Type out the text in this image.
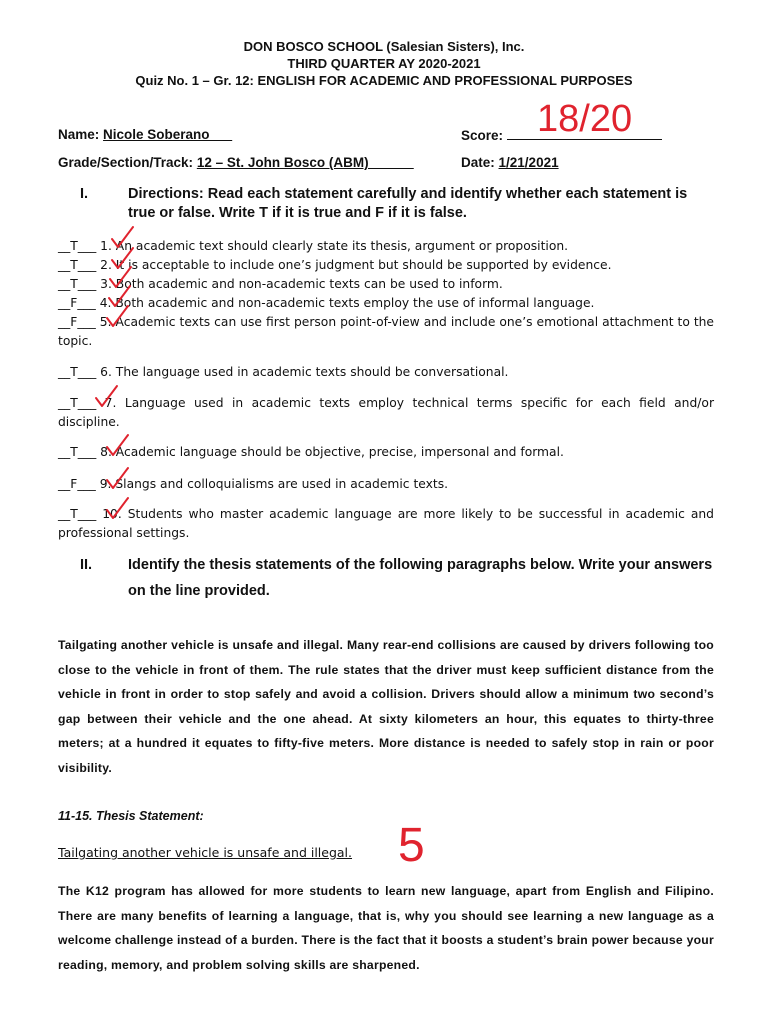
DON BOSCO SCHOOL (Salesian Sisters), Inc.
THIRD QUARTER AY 2020-2021
Quiz No. 1 – Gr. 12: ENGLISH FOR ACADEMIC AND PROFESSIONAL PURPOSES
Name: Nicole Soberano___	Score: 18/20
Grade/Section/Track: 12 – St. John Bosco (ABM)______	Date: 1/21/2021
I.	Directions: Read each statement carefully and identify whether each statement is true or false. Write T if it is true and F if it is false.
__T___ 1. An academic text should clearly state its thesis, argument or proposition.
__T___ 2. It is acceptable to include one’s judgment but should be supported by evidence.
__T___ 3. Both academic and non-academic texts can be used to inform.
__F___ 4. Both academic and non-academic texts employ the use of informal language.
__F___ 5. Academic texts can use first person point-of-view and include one’s emotional attachment to the topic.
__T___ 6. The language used in academic texts should be conversational.
__T___ 7. Language used in academic texts employ technical terms specific for each field and/or discipline.
__T___ 8. Academic language should be objective, precise, impersonal and formal.
__F___ 9. Slangs and colloquialisms are used in academic texts.
__T___ 10. Students who master academic language are more likely to be successful in academic and professional settings.
II. Identify the thesis statements of the following paragraphs below. Write your answers on the line provided.
Tailgating another vehicle is unsafe and illegal. Many rear-end collisions are caused by drivers following too close to the vehicle in front of them. The rule states that the driver must keep sufficient distance from the vehicle in front in order to stop safely and avoid a collision. Drivers should allow a minimum two second’s gap between their vehicle and the one ahead. At sixty kilometers an hour, this equates to thirty-three meters; at a hundred it equates to fifty-five meters. More distance is needed to safely stop in rain or poor visibility.
11-15. Thesis Statement:
Tailgating another vehicle is unsafe and illegal. 5
The K12 program has allowed for more students to learn new language, apart from English and Filipino. There are many benefits of learning a language, that is, why you should see learning a new language as a welcome challenge instead of a burden. There is the fact that it boosts a student’s brain power because your reading, memory, and problem solving skills are sharpened.
